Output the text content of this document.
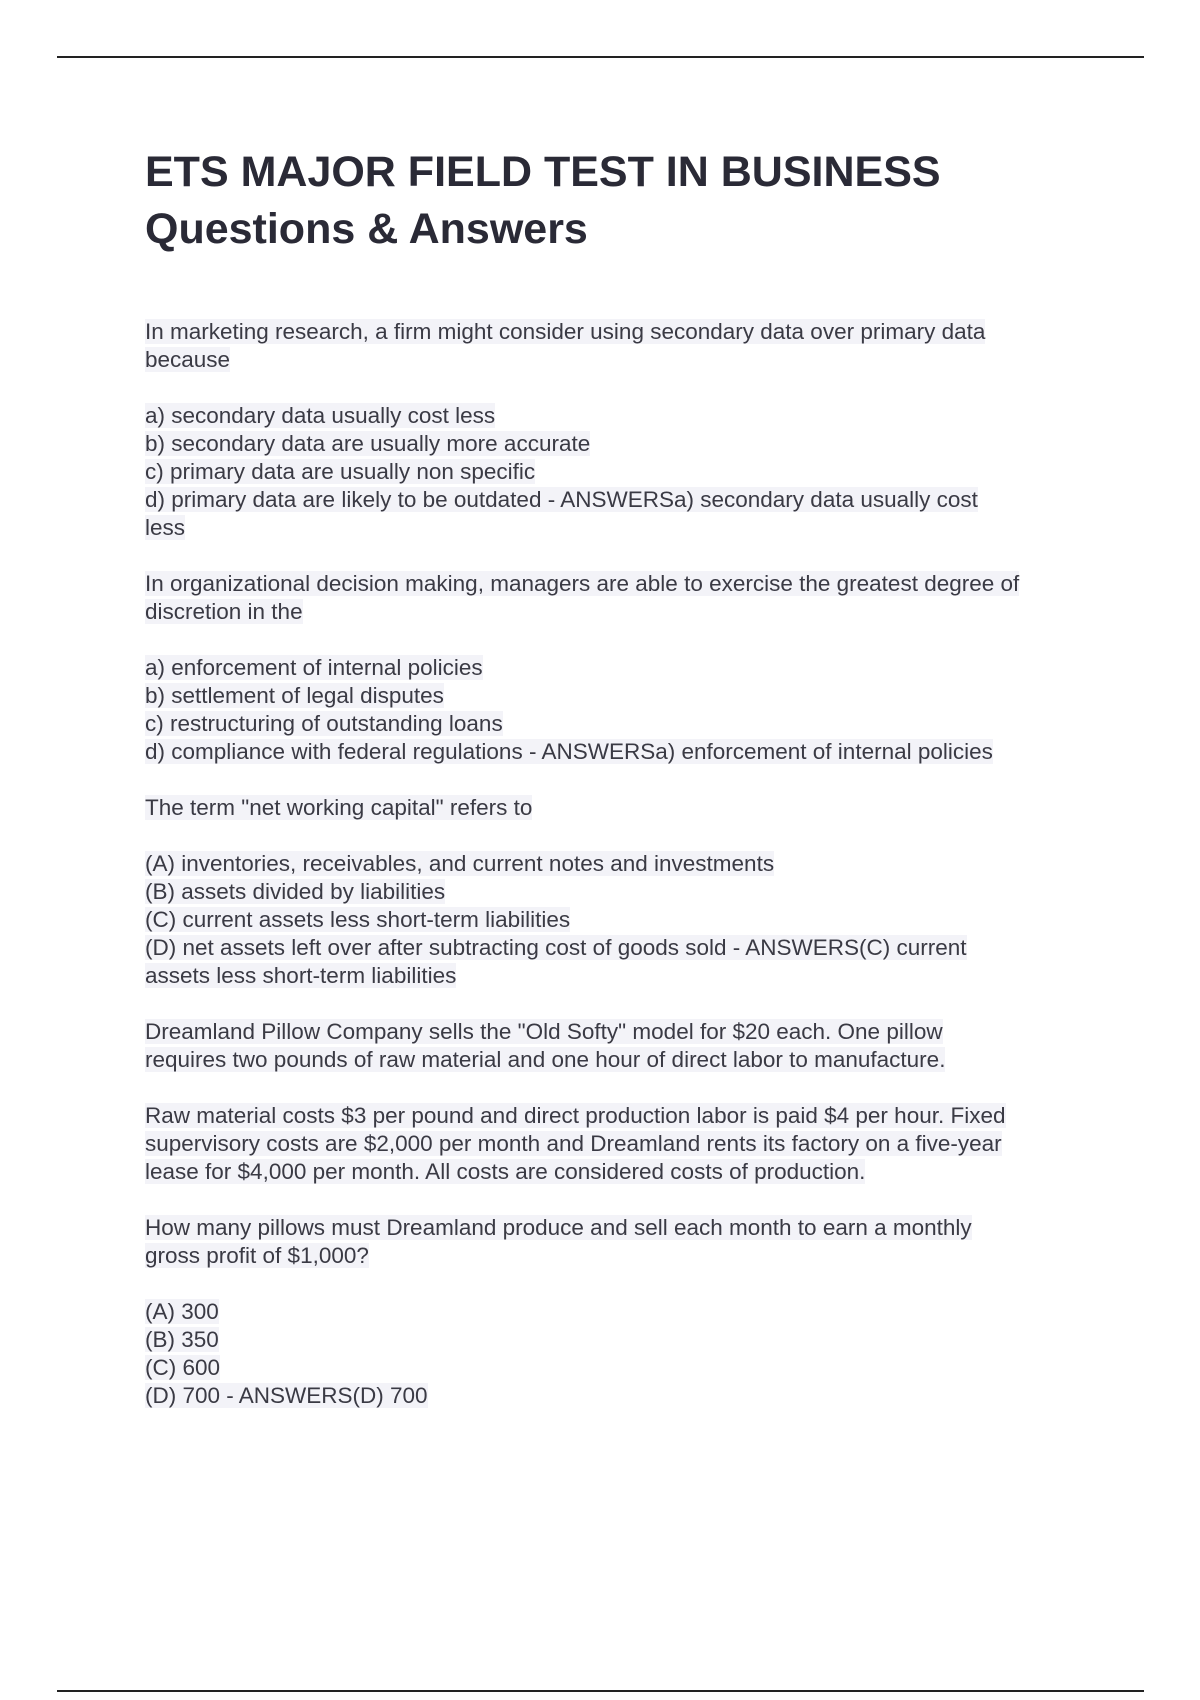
ETS MAJOR FIELD TEST IN BUSINESS
Questions & Answers
In marketing research, a firm might consider using secondary data over primary data
because
a) secondary data usually cost less
b) secondary data are usually more accurate
c) primary data are usually non specific
d) primary data are likely to be outdated - ANSWERSa) secondary data usually cost
less
In organizational decision making, managers are able to exercise the greatest degree of
discretion in the
a) enforcement of internal policies
b) settlement of legal disputes
c) restructuring of outstanding loans
d) compliance with federal regulations - ANSWERSa) enforcement of internal policies
The term "net working capital" refers to
(A) inventories, receivables, and current notes and investments
(B) assets divided by liabilities
(C) current assets less short-term liabilities
(D) net assets left over after subtracting cost of goods sold - ANSWERS(C) current
assets less short-term liabilities
Dreamland Pillow Company sells the "Old Softy" model for $20 each. One pillow
requires two pounds of raw material and one hour of direct labor to manufacture.
Raw material costs $3 per pound and direct production labor is paid $4 per hour. Fixed
supervisory costs are $2,000 per month and Dreamland rents its factory on a five-year
lease for $4,000 per month. All costs are considered costs of production.
How many pillows must Dreamland produce and sell each month to earn a monthly
gross profit of $1,000?
(A) 300
(B) 350
(C) 600
(D) 700 - ANSWERS(D) 700
